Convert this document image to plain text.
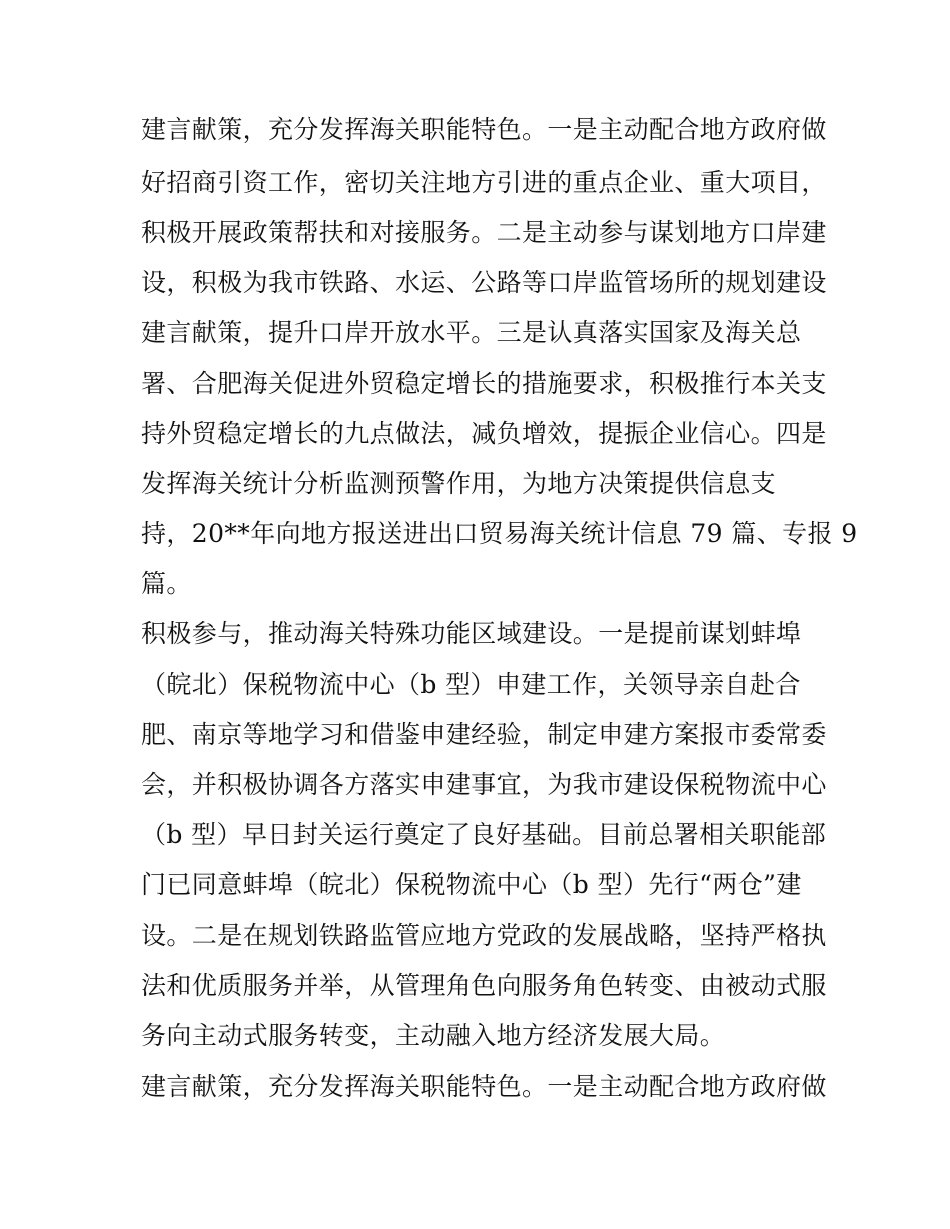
建言献策，充分发挥海关职能特色。一是主动配合地方政府做
好招商引资工作，密切关注地方引进的重点企业、重大项目，
积极开展政策帮扶和对接服务。二是主动参与谋划地方口岸建
设，积极为我市铁路、水运、公路等口岸监管场所的规划建设
建言献策，提升口岸开放水平。三是认真落实国家及海关总
署、合肥海关促进外贸稳定增长的措施要求，积极推行本关支
持外贸稳定增长的九点做法，减负增效，提振企业信心。四是
发挥海关统计分析监测预警作用，为地方决策提供信息支
持，20**年向地方报送进出口贸易海关统计信息 79 篇、专报 9
篇。
积极参与，推动海关特殊功能区域建设。一是提前谋划蚌埠
（皖北）保税物流中心（b 型）申建工作，关领导亲自赴合
肥、南京等地学习和借鉴申建经验，制定申建方案报市委常委
会，并积极协调各方落实申建事宜，为我市建设保税物流中心
（b 型）早日封关运行奠定了良好基础。目前总署相关职能部
门已同意蚌埠（皖北）保税物流中心（b 型）先行“两仓”建
设。二是在规划铁路监管应地方党政的发展战略，坚持严格执
法和优质服务并举，从管理角色向服务角色转变、由被动式服
务向主动式服务转变，主动融入地方经济发展大局。
建言献策，充分发挥海关职能特色。一是主动配合地方政府做
